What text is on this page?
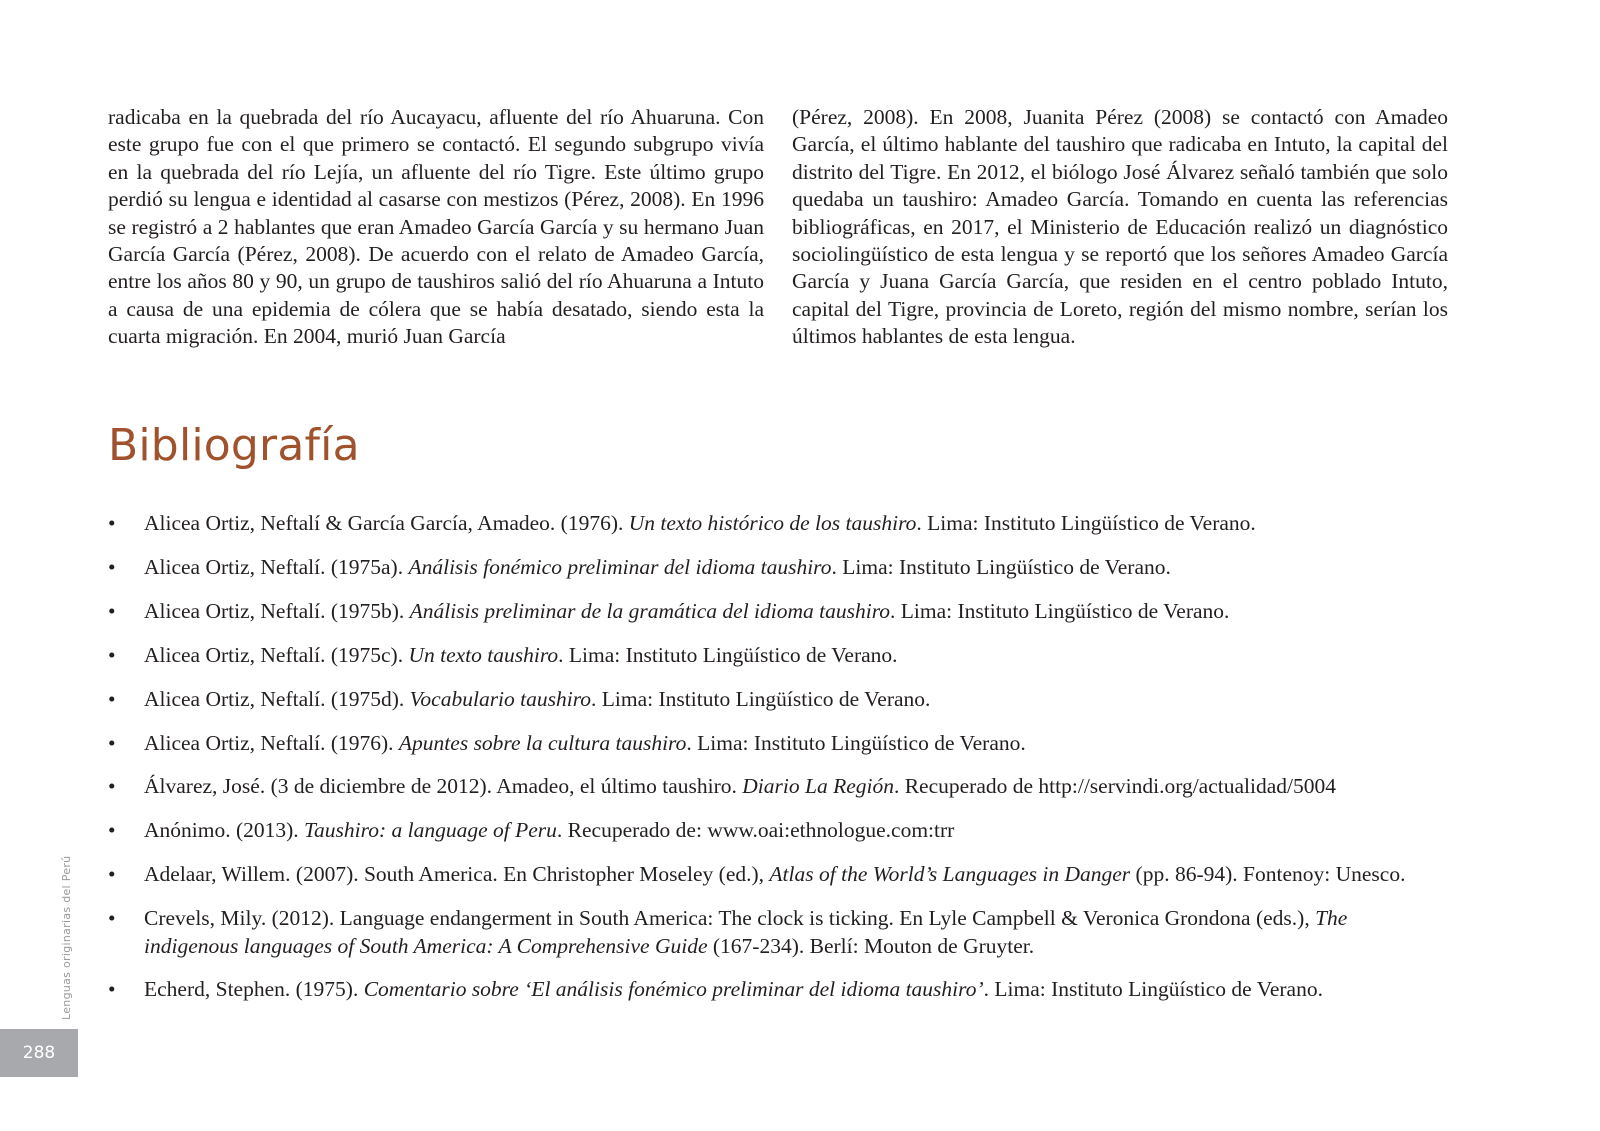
radicaba en la quebrada del río Aucayacu, afluente del río Ahuaruna. Con este grupo fue con el que primero se contactó. El segundo subgrupo vivía en la quebrada del río Lejía, un afluente del río Tigre. Este último grupo perdió su lengua e identidad al casarse con mestizos (Pérez, 2008). En 1996 se registró a 2 hablantes que eran Amadeo García García y su hermano Juan García García (Pérez, 2008). De acuerdo con el relato de Amadeo García, entre los años 80 y 90, un grupo de taushiros salió del río Ahuaruna a Intuto a causa de una epidemia de cólera que se había desatado, siendo esta la cuarta migración. En 2004, murió Juan García

(Pérez, 2008). En 2008, Juanita Pérez (2008) se contactó con Amadeo García, el último hablante del taushiro que radicaba en Intuto, la capital del distrito del Tigre. En 2012, el biólogo José Álvarez señaló también que solo quedaba un taushiro: Amadeo García. Tomando en cuenta las referencias bibliográficas, en 2017, el Ministerio de Educación realizó un diagnóstico sociolingüístico de esta lengua y se reportó que los señores Amadeo García García y Juana García García, que residen en el centro poblado Intuto, capital del Tigre, provincia de Loreto, región del mismo nombre, serían los últimos hablantes de esta lengua.

Bibliografía
• Alicea Ortiz, Neftalí & García García, Amadeo. (1976). Un texto histórico de los taushiro. Lima: Instituto Lingüístico de Verano.
• Alicea Ortiz, Neftalí. (1975a). Análisis fonémico preliminar del idioma taushiro. Lima: Instituto Lingüístico de Verano.
• Alicea Ortiz, Neftalí. (1975b). Análisis preliminar de la gramática del idioma taushiro. Lima: Instituto Lingüístico de Verano.
• Alicea Ortiz, Neftalí. (1975c). Un texto taushiro. Lima: Instituto Lingüístico de Verano.
• Alicea Ortiz, Neftalí. (1975d). Vocabulario taushiro. Lima: Instituto Lingüístico de Verano.
• Alicea Ortiz, Neftalí. (1976). Apuntes sobre la cultura taushiro. Lima: Instituto Lingüístico de Verano.
• Álvarez, José. (3 de diciembre de 2012). Amadeo, el último taushiro. Diario La Región. Recuperado de http://servindi.org/actualidad/5004
• Anónimo. (2013). Taushiro: a language of Peru. Recuperado de: www.oai:ethnologue.com:trr
• Adelaar, Willem. (2007). South America. En Christopher Moseley (ed.), Atlas of the World’s Languages in Danger (pp. 86-94). Fontenoy: Unesco.
• Crevels, Mily. (2012). Language endangerment in South America: The clock is ticking. En Lyle Campbell & Veronica Grondona (eds.), The indigenous languages of South America: A Comprehensive Guide (167-234). Berlí: Mouton de Gruyter.
• Echerd, Stephen. (1975). Comentario sobre ‘El análisis fonémico preliminar del idioma taushiro’. Lima: Instituto Lingüístico de Verano.
Lenguas originarias del Perú
288
